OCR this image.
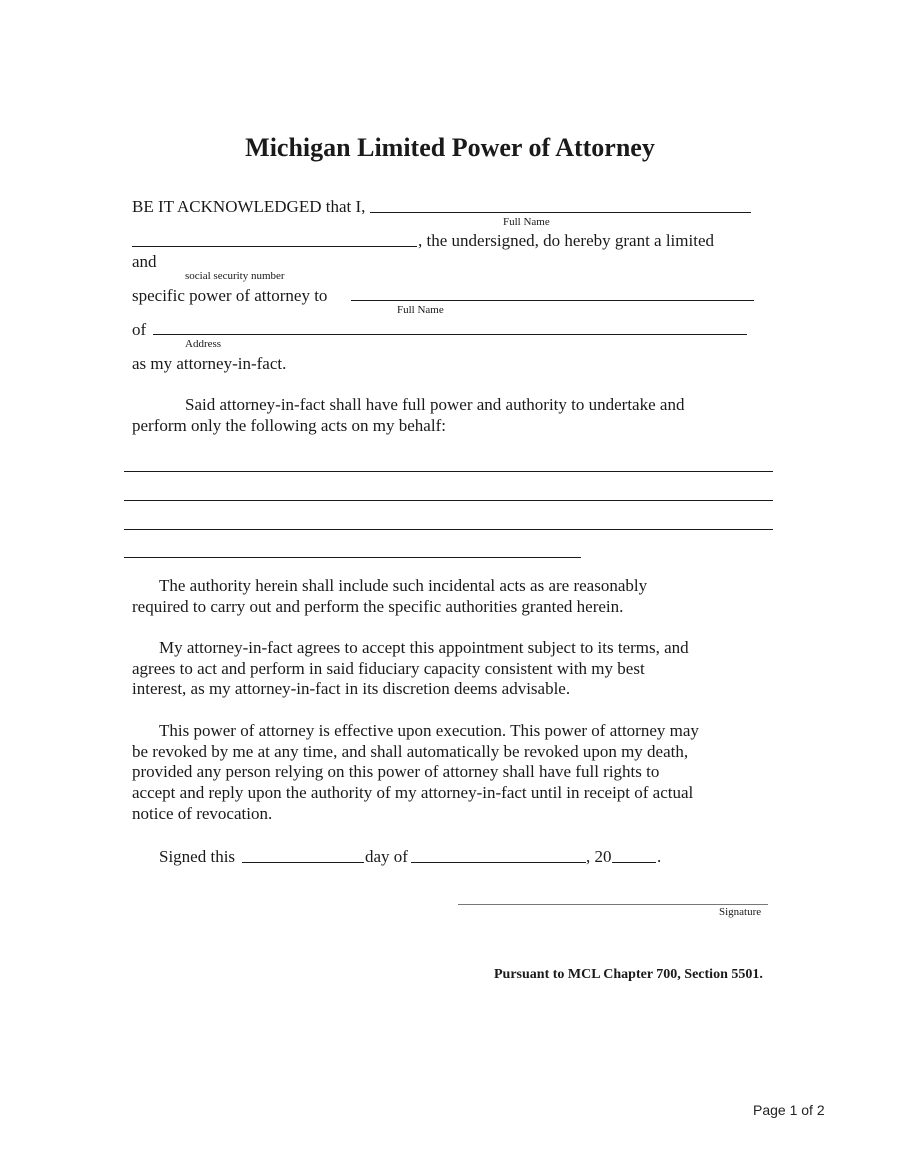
Michigan Limited Power of Attorney
BE IT ACKNOWLEDGED that I,
Full Name
, the undersigned, do hereby grant a limited
and
social security number
specific power of attorney to
Full Name
of
Address
as my attorney-in-fact.
Said attorney-in-fact shall have full power and authority to undertake and
perform only the following acts on my behalf:
The authority herein shall include such incidental acts as are reasonably
required to carry out and perform the specific authorities granted herein.
My attorney-in-fact agrees to accept this appointment subject to its terms, and
agrees to act and perform in said fiduciary capacity consistent with my best
interest, as my attorney-in-fact in its discretion deems advisable.
This power of attorney is effective upon execution. This power of attorney may
be revoked by me at any time, and shall automatically be revoked upon my death,
provided any person relying on this power of attorney shall have full rights to
accept and reply upon the authority of my attorney-in-fact until in receipt of actual
notice of revocation.
Signed this	day of	, 20	.
Signature
Pursuant to MCL Chapter 700, Section 5501.
Page 1 of 2
